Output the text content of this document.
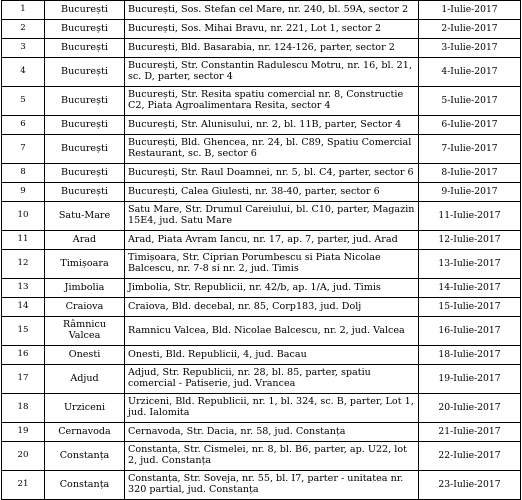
1	București	București, Sos. Stefan cel Mare, nr. 240, bl. 59A, sector 2	1-Iulie-2017
2	București	București, Sos. Mihai Bravu, nr. 221, Lot 1, sector 2	2-Iulie-2017
3	București	București, Bld. Basarabia, nr. 124-126, parter, sector 2	3-Iulie-2017
4	București	București, Str. Constantin Radulescu Motru, nr. 16, bl. 21, sc. D, parter, sector 4	4-Iulie-2017
5	București	București, Str. Resita spatiu comercial nr. 8, Constructie C2, Piata Agroalimentara Resita, sector 4	5-Iulie-2017
6	București	București, Str. Alunisului, nr. 2, bl. 11B, parter, Sector 4	6-Iulie-2017
7	București	București, Bld. Ghencea, nr. 24, bl. C89, Spatiu Comercial Restaurant, sc. B, sector 6	7-Iulie-2017
8	București	București, Str. Raul Doamnei, nr. 5, bl. C4, parter, sector 6	8-Iulie-2017
9	București	București, Calea Giulesti, nr. 38-40, parter, sector 6	9-Iulie-2017
10	Satu-Mare	Satu Mare, Str. Drumul Careiului, bl. C10, parter, Magazin 15E4, jud. Satu Mare	11-Iulie-2017
11	Arad	Arad, Piata Avram Iancu, nr. 17, ap. 7, parter, jud. Arad	12-Iulie-2017
12	Timișoara	Timișoara, Str. Ciprian Porumbescu si Piata Nicolae Balcescu, nr. 7-8 si nr. 2, jud. Timis	13-Iulie-2017
13	Jimbolia	Jimbolia, Str. Republicii, nr. 42/b, ap. 1/A, jud. Timis	14-Iulie-2017
14	Craiova	Craiova, Bld. decebal, nr. 85, Corp183, jud. Dolj	15-Iulie-2017
15	Râmnicu Valcea	Ramnicu Valcea, Bld. Nicolae Balcescu, nr. 2, jud. Valcea	16-Iulie-2017
16	Onesti	Onesti, Bld. Republicii, 4, jud. Bacau	18-Iulie-2017
17	Adjud	Adjud, Str. Republicii, nr. 28, bl. 85, parter, spatiu comercial - Patiserie, jud. Vrancea	19-Iulie-2017
18	Urziceni	Urziceni, Bld. Republicii, nr. 1, bl. 324, sc. B, parter, Lot 1, jud. Ialomita	20-Iulie-2017
19	Cernavoda	Cernavoda, Str. Dacia, nr. 58, jud. Constanța	21-Iulie-2017
20	Constanța	Constanța, Str. Cismelei, nr. 8, bl. B6, parter, ap. U22, lot 2, jud. Constanța	22-Iulie-2017
21	Constanța	Constanța, Str. Soveja, nr. 55, bl. I7, parter - unitatea nr. 320 partial, jud. Constanța	23-Iulie-2017
